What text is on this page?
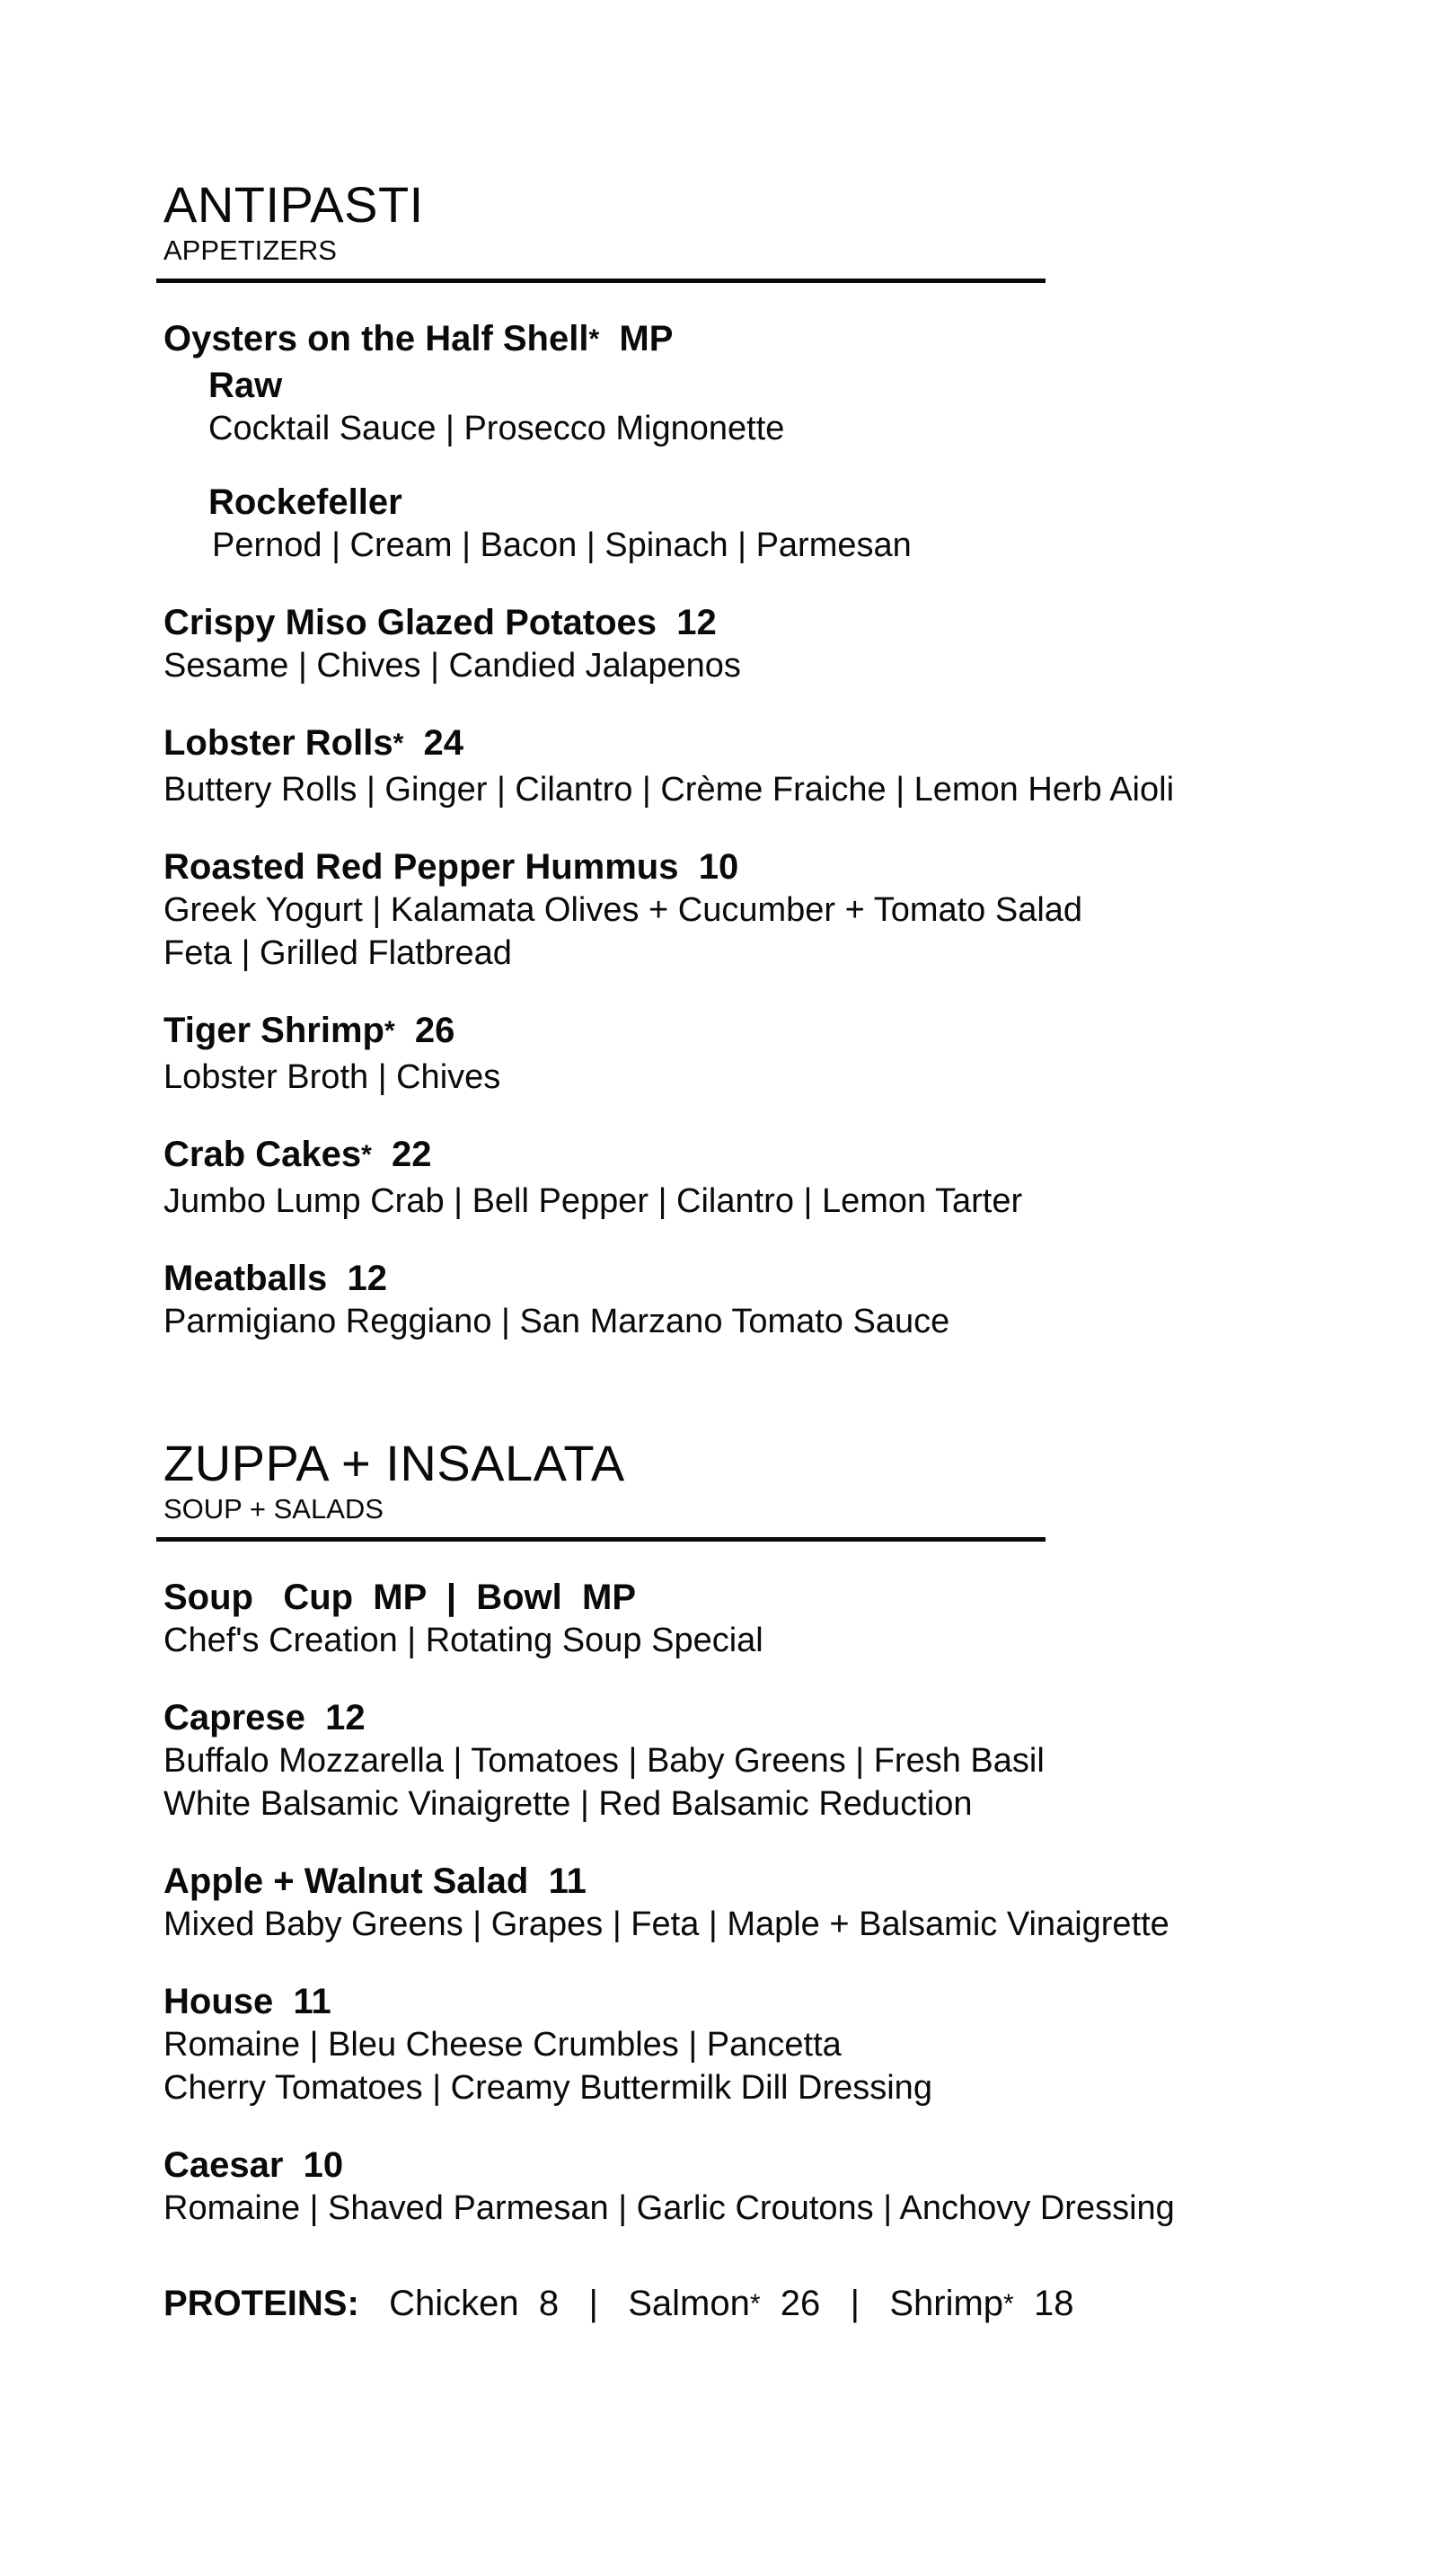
ANTIPASTI
APPETIZERS
Oysters on the Half Shell* MP
Raw
Cocktail Sauce | Prosecco Mignonette
Rockefeller
Pernod | Cream | Bacon | Spinach | Parmesan
Crispy Miso Glazed Potatoes 12
Sesame | Chives | Candied Jalapenos
Lobster Rolls* 24
Buttery Rolls | Ginger | Cilantro | Crème Fraiche | Lemon Herb Aioli
Roasted Red Pepper Hummus 10
Greek Yogurt | Kalamata Olives + Cucumber + Tomato Salad
Feta | Grilled Flatbread
Tiger Shrimp* 26
Lobster Broth | Chives
Crab Cakes* 22
Jumbo Lump Crab | Bell Pepper | Cilantro | Lemon Tarter
Meatballs 12
Parmigiano Reggiano | San Marzano Tomato Sauce
ZUPPA + INSALATA
SOUP + SALADS
Soup Cup  MP  |  Bowl  MP
Chef's Creation | Rotating Soup Special
Caprese 12
Buffalo Mozzarella | Tomatoes | Baby Greens | Fresh Basil
White Balsamic Vinaigrette | Red Balsamic Reduction
Apple + Walnut Salad 11
Mixed Baby Greens | Grapes | Feta | Maple + Balsamic Vinaigrette
House 11
Romaine | Bleu Cheese Crumbles | Pancetta
Cherry Tomatoes | Creamy Buttermilk Dill Dressing
Caesar 10
Romaine | Shaved Parmesan | Garlic Croutons | Anchovy Dressing
PROTEINS: Chicken 8 | Salmon* 26 | Shrimp* 18
